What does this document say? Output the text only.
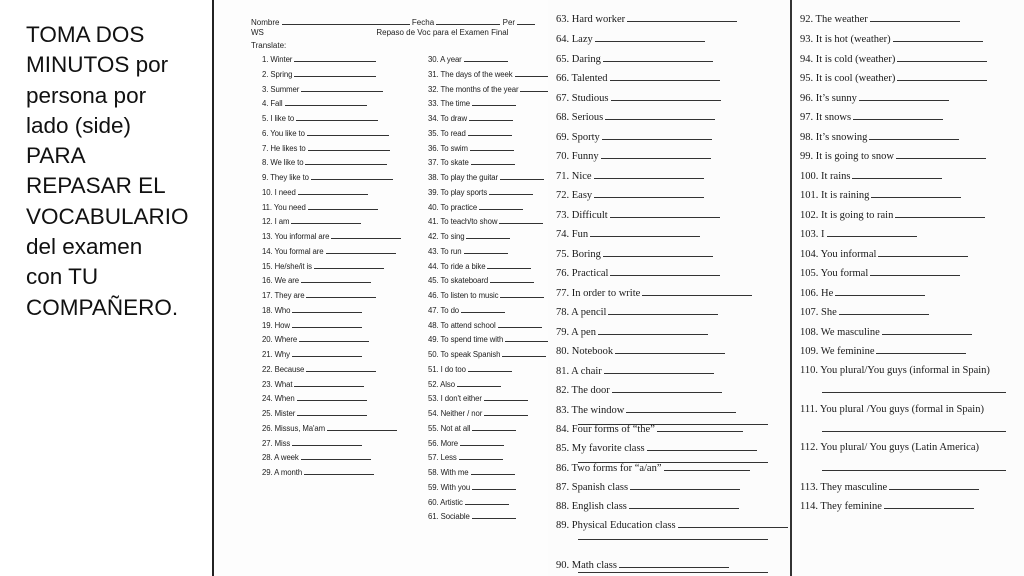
TOMA DOS
MINUTOS por
persona por
lado (side)
PARA
REPASAR EL
VOCABULARIO
del examen
con TU
COMPAÑERO.
Nombre	Fecha	Per
WS	Repaso de Voc para el Examen Final
Translate:
1. Winter
2. Spring
3. Summer
4. Fall
5. I like to
6. You like to
7. He likes to
8. We like to
9. They like to
10. I need
11. You need
12. I am
13. You informal are
14. You formal are
15. He/she/it is
16. We are
17. They are
18. Who
19. How
20. Where
21. Why
22. Because
23. What
24. When
25. Mister
26. Missus, Ma'am
27. Miss
28. A week
29. A month
30. A year
31. The days of the week
32. The months of the year
33. The time
34. To draw
35. To read
36. To swim
37. To skate
38. To play the guitar
39. To play sports
40. To practice
41. To teach/to show
42. To sing
43. To run
44. To ride a bike
45. To skateboard
46. To listen to music
47. To do
48. To attend school
49. To spend time with
50. To speak Spanish
51. I do too
52. Also
53. I don't either
54. Neither / nor
55. Not at all
56. More
57. Less
58. With me
59. With you
60. Artistic
61. Sociable
63. Hard worker
64. Lazy
65. Daring
66. Talented
67. Studious
68. Serious
69. Sporty
70. Funny
71. Nice
72. Easy
73. Difficult
74. Fun
75. Boring
76. Practical
77. In order to write
78. A pencil
79. A pen
80. Notebook
81. A chair
82. The door
83. The window
84. Four forms of “the”
85. My favorite class
86. Two forms for “a/an”
87. Spanish class
88. English class
89. Physical Education class
90. Math class
92. The weather
93. It is hot (weather)
94. It is cold (weather)
95. It is cool (weather)
96. It’s sunny
97. It snows
98. It’s snowing
99. It is going to snow
100. It rains
101. It is raining
102. It is going to rain
103. I
104. You informal
105. You formal
106. He
107. She
108. We masculine
109. We feminine
110. You plural/You guys (informal in Spain)
111. You plural /You guys (formal in Spain)
112. You plural/ You guys (Latin America)
113. They masculine
114. They feminine
